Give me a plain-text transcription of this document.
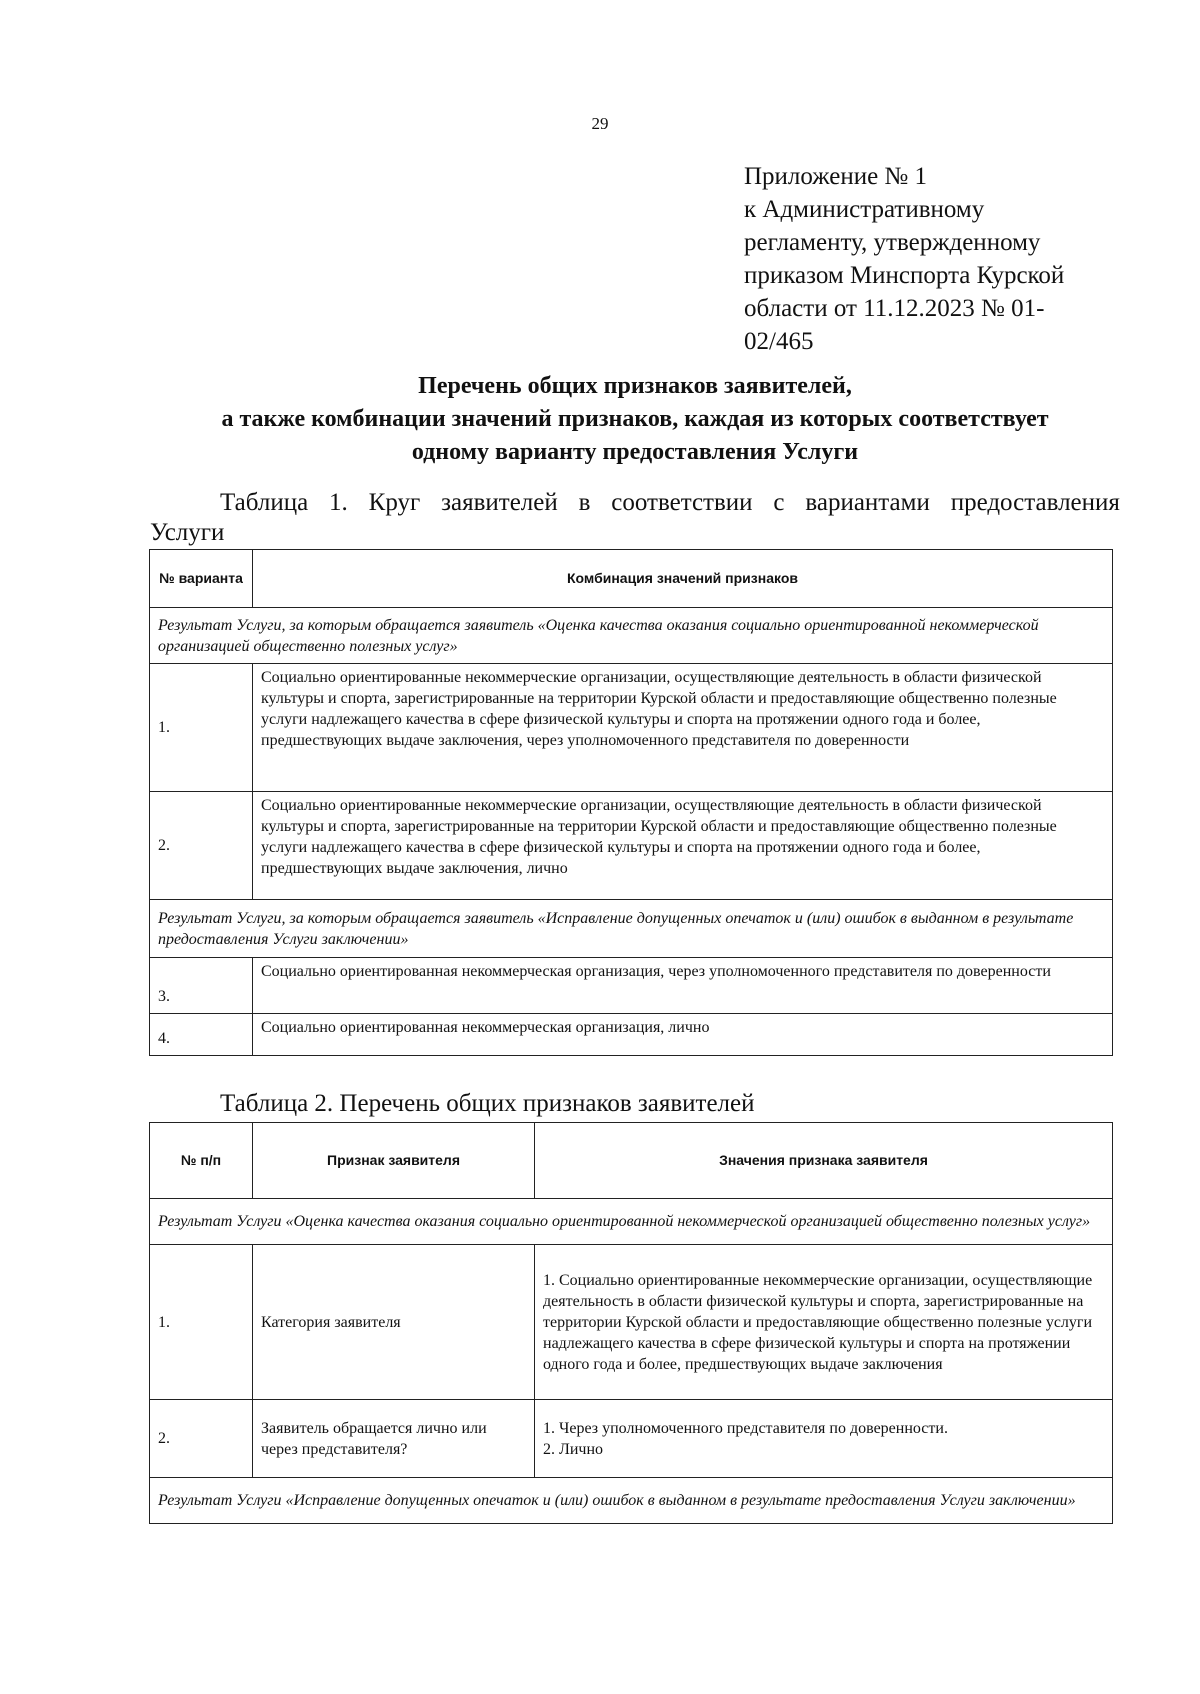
29
Приложение № 1
к Административному
регламенту, утвержденному
приказом Минспорта Курской
области от 11.12.2023 № 01-
02/465
Перечень общих признаков заявителей,
а также комбинации значений признаков, каждая из которых соответствует
одному варианту предоставления Услуги
Таблица 1. Круг заявителей в соответствии с вариантами предоставления
Услуги
№ варианта	Комбинация значений признаков
Результат Услуги, за которым обращается заявитель «Оценка качества оказания социально ориентированной некоммерческой организацией общественно полезных услуг»	
1.	Социально ориентированные некоммерческие организации, осуществляющие деятельность в области физической культуры и спорта, зарегистрированные на территории Курской области и предоставляющие общественно полезные услуги надлежащего качества в сфере физической культуры и спорта на протяжении одного года и более, предшествующих выдаче заключения, через уполномоченного представителя по доверенности
2.	Социально ориентированные некоммерческие организации, осуществляющие деятельность в области физической культуры и спорта, зарегистрированные на территории Курской области и предоставляющие общественно полезные услуги надлежащего качества в сфере физической культуры и спорта на протяжении одного года и более, предшествующих выдаче заключения, лично
Результат Услуги, за которым обращается заявитель «Исправление допущенных опечаток и (или) ошибок в выданном в результате предоставления Услуги заключении»	
3.	Социально ориентированная некоммерческая организация, через уполномоченного представителя по доверенности
4.	Социально ориентированная некоммерческая организация, лично
Таблица 2. Перечень общих признаков заявителей
№ п/п	Признак заявителя	Значения признака заявителя
Результат Услуги «Оценка качества оказания социально ориентированной некоммерческой организацией общественно полезных услуг»		
1.	Категория заявителя	1. Социально ориентированные некоммерческие организации, осуществляющие деятельность в области физической культуры и спорта, зарегистрированные на территории Курской области и предоставляющие общественно полезные услуги надлежащего качества в сфере физической культуры и спорта на протяжении одного года и более, предшествующих выдаче заключения
2.	Заявитель обращается лично или через представителя?	1. Через уполномоченного представителя по доверенности.
2. Лично

Результат Услуги «Исправление допущенных опечаток и (или) ошибок в выданном в результате предоставления Услуги заключении»		
